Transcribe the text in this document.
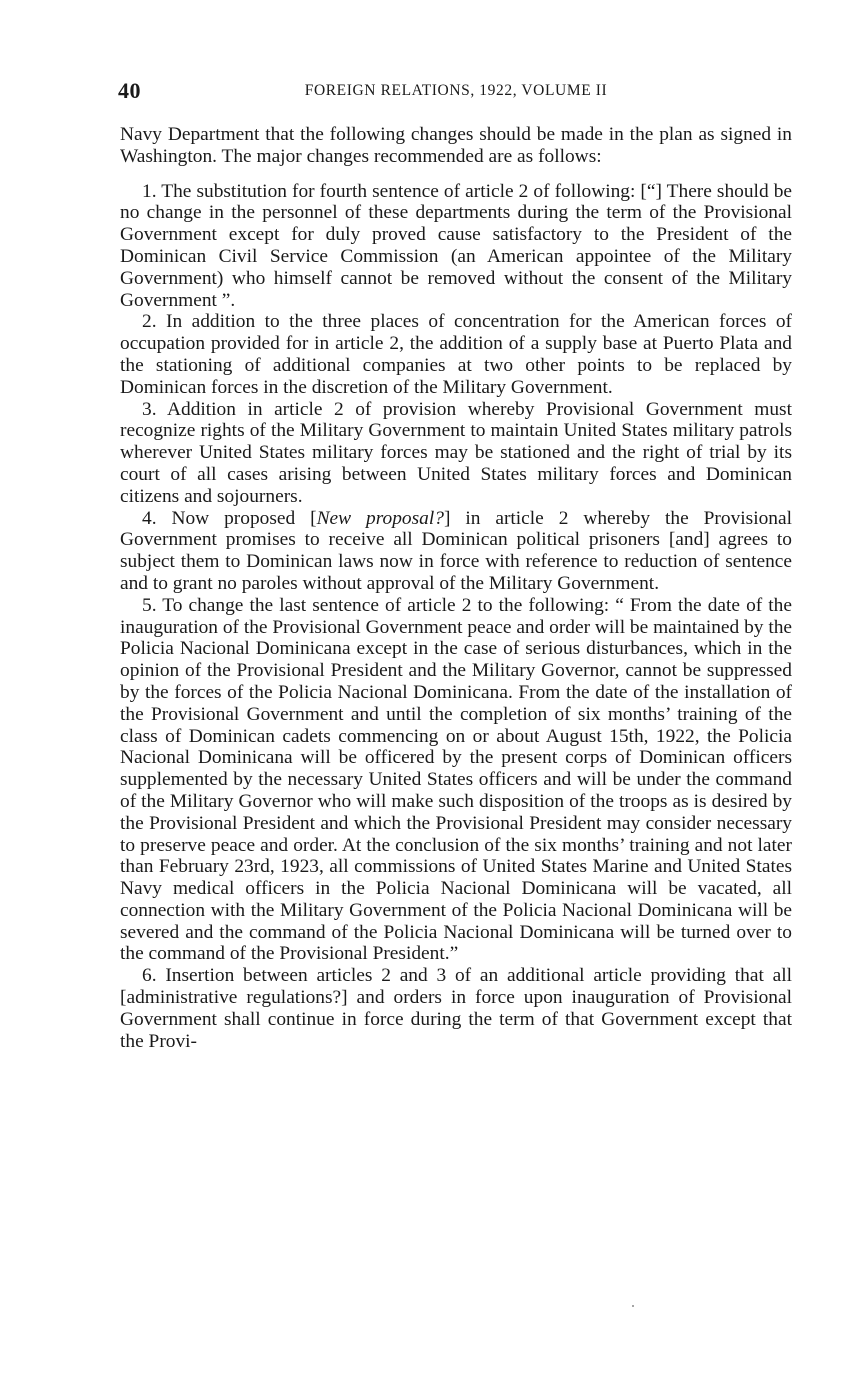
40	FOREIGN RELATIONS, 1922, VOLUME II

Navy Department that the following changes should be made in the plan as signed in Washington. The major changes recommended are as follows:

1. The substitution for fourth sentence of article 2 of following: [“] There should be no change in the personnel of these departments during the term of the Provisional Government except for duly proved cause satisfactory to the President of the Dominican Civil Service Commission (an American appointee of the Military Government) who himself cannot be removed without the consent of the Military Government ”.

2. In addition to the three places of concentration for the American forces of occupation provided for in article 2, the addition of a supply base at Puerto Plata and the stationing of additional companies at two other points to be replaced by Dominican forces in the discretion of the Military Government.

3. Addition in article 2 of provision whereby Provisional Government must recognize rights of the Military Government to maintain United States military patrols wherever United States military forces may be stationed and the right of trial by its court of all cases arising between United States military forces and Dominican citizens and sojourners.

4. Now proposed [New proposal?] in article 2 whereby the Provisional Government promises to receive all Dominican political prisoners [and] agrees to subject them to Dominican laws now in force with reference to reduction of sentence and to grant no paroles without approval of the Military Government.

5. To change the last sentence of article 2 to the following: “ From the date of the inauguration of the Provisional Government peace and order will be maintained by the Policia Nacional Dominicana except in the case of serious disturbances, which in the opinion of the Provisional President and the Military Governor, cannot be suppressed by the forces of the Policia Nacional Dominicana. From the date of the installation of the Provisional Government and until the completion of six months’ training of the class of Dominican cadets commencing on or about August 15th, 1922, the Policia Nacional Dominicana will be officered by the present corps of Dominican officers supplemented by the necessary United States officers and will be under the command of the Military Governor who will make such disposition of the troops as is desired by the Provisional President and which the Provisional President may consider necessary to preserve peace and order. At the conclusion of the six months’ training and not later than February 23rd, 1923, all commissions of United States Marine and United States Navy medical officers in the Policia Nacional Dominicana will be vacated, all connection with the Military Government of the Policia Nacional Dominicana will be severed and the command of the Policia Nacional Dominicana will be turned over to the command of the Provisional President.”

6. Insertion between articles 2 and 3 of an additional article providing that all [administrative regulations?] and orders in force upon inauguration of Provisional Government shall continue in force during the term of that Government except that the Provi-
